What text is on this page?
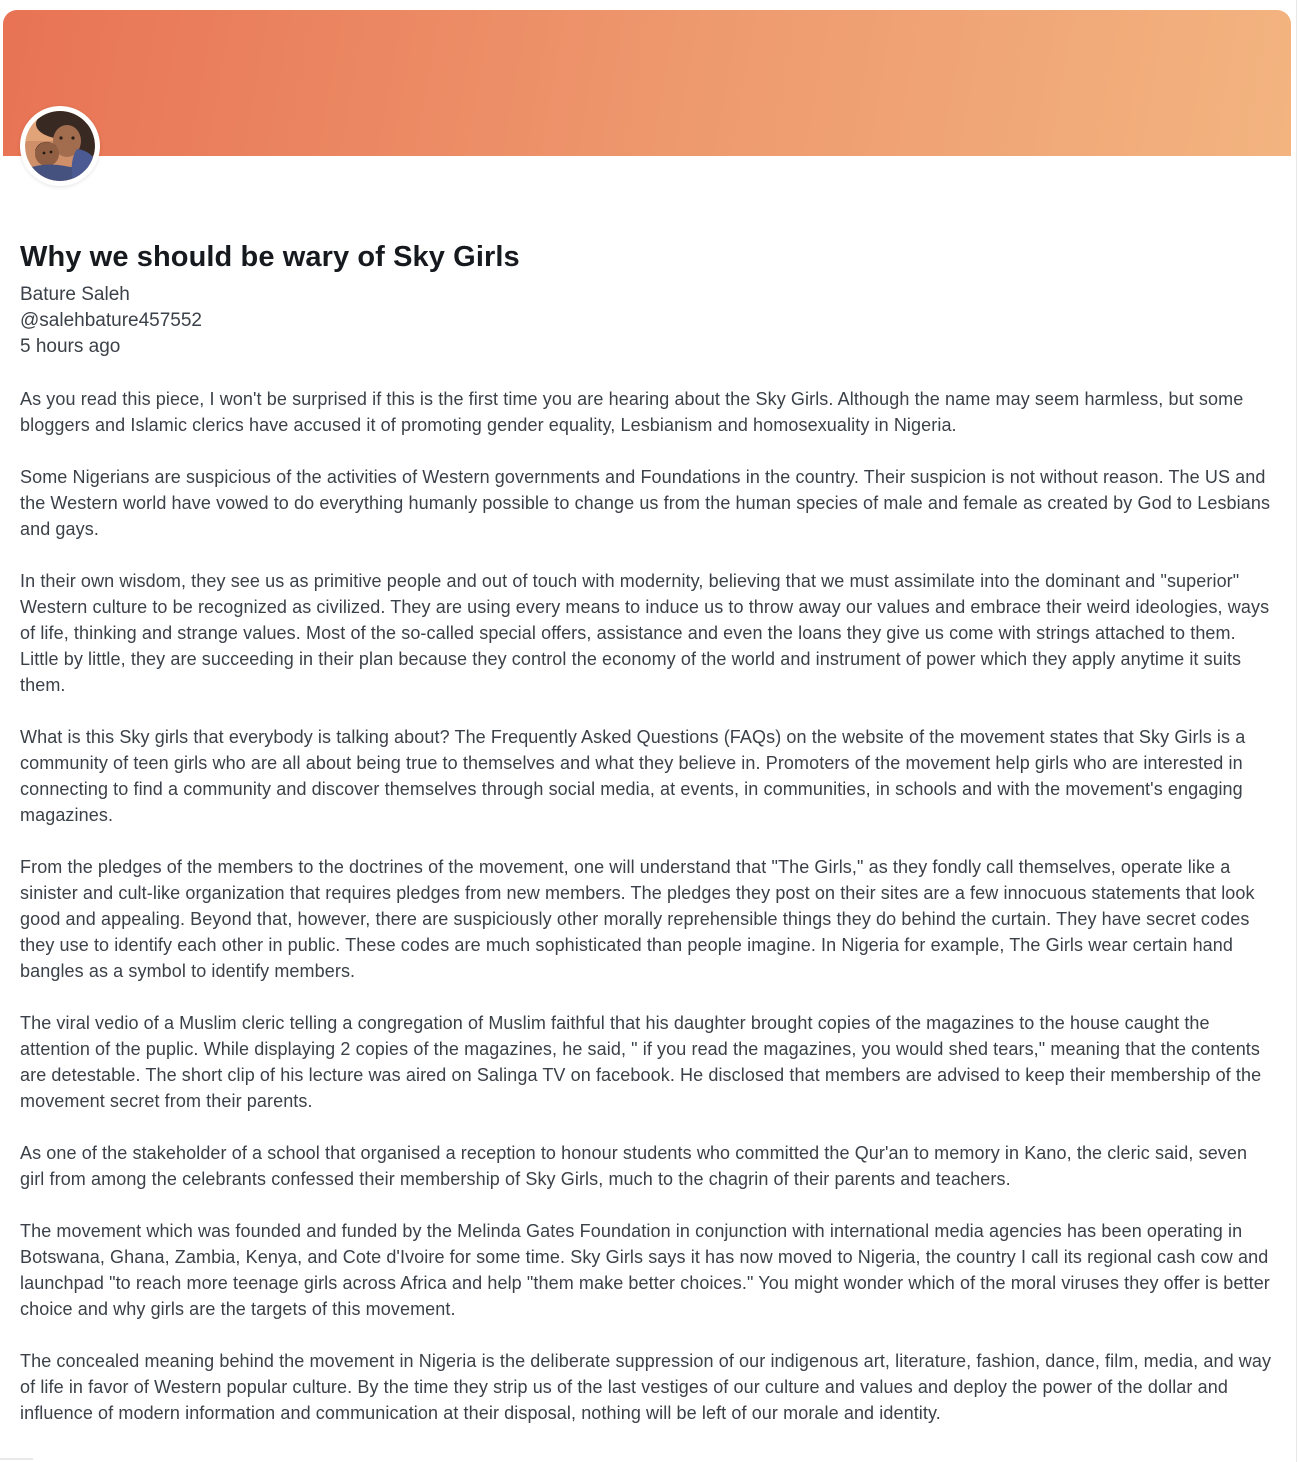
Why we should be wary of Sky Girls
Bature Saleh
@salehbature457552
5 hours ago

As you read this piece, I won't be surprised if this is the first time you are hearing about the Sky Girls. Although the name may seem harmless, but some bloggers and Islamic clerics have accused it of promoting gender equality, Lesbianism and homosexuality in Nigeria.

Some Nigerians are suspicious of the activities of Western governments and Foundations in the country. Their suspicion is not without reason. The US and the Western world have vowed to do everything humanly possible to change us from the human species of male and female as created by God to Lesbians and gays.

In their own wisdom, they see us as primitive people and out of touch with modernity, believing that we must assimilate into the dominant and "superior" Western culture to be recognized as civilized. They are using every means to induce us to throw away our values and embrace their weird ideologies, ways of life, thinking and strange values. Most of the so-called special offers, assistance and even the loans they give us come with strings attached to them. Little by little, they are succeeding in their plan because they control the economy of the world and instrument of power which they apply anytime it suits them.

What is this Sky girls that everybody is talking about? The Frequently Asked Questions (FAQs) on the website of the movement states that Sky Girls is a community of teen girls who are all about being true to themselves and what they believe in. Promoters of the movement help girls who are interested in connecting to find a community and discover themselves through social media, at events, in communities, in schools and with the movement's engaging magazines.

From the pledges of the members to the doctrines of the movement, one will understand that "The Girls," as they fondly call themselves, operate like a sinister and cult-like organization that requires pledges from new members. The pledges they post on their sites are a few innocuous statements that look good and appealing. Beyond that, however, there are suspiciously other morally reprehensible things they do behind the curtain. They have secret codes they use to identify each other in public. These codes are much sophisticated than people imagine. In Nigeria for example, The Girls wear certain hand bangles as a symbol to identify members.

The viral vedio of a Muslim cleric telling a congregation of Muslim faithful that his daughter brought copies of the magazines to the house caught the attention of the puplic. While displaying 2 copies of the magazines, he said, " if you read the magazines, you would shed tears," meaning that the contents are detestable. The short clip of his lecture was aired on Salinga TV on facebook. He disclosed that members are advised to keep their membership of the movement secret from their parents.

As one of the stakeholder of a school that organised a reception to honour students who committed the Qur'an to memory in Kano, the cleric said, seven girl from among the celebrants confessed their membership of Sky Girls, much to the chagrin of their parents and teachers.

The movement which was founded and funded by the Melinda Gates Foundation in conjunction with international media agencies has been operating in Botswana, Ghana, Zambia, Kenya, and Cote d'Ivoire for some time. Sky Girls says it has now moved to Nigeria, the country I call its regional cash cow and launchpad "to reach more teenage girls across Africa and help "them make better choices." You might wonder which of the moral viruses they offer is better choice and why girls are the targets of this movement.

The concealed meaning behind the movement in Nigeria is the deliberate suppression of our indigenous art, literature, fashion, dance, film, media, and way of life in favor of Western popular culture. By the time they strip us of the last vestiges of our culture and values and deploy the power of the dollar and influence of modern information and communication at their disposal, nothing will be left of our morale and identity.
